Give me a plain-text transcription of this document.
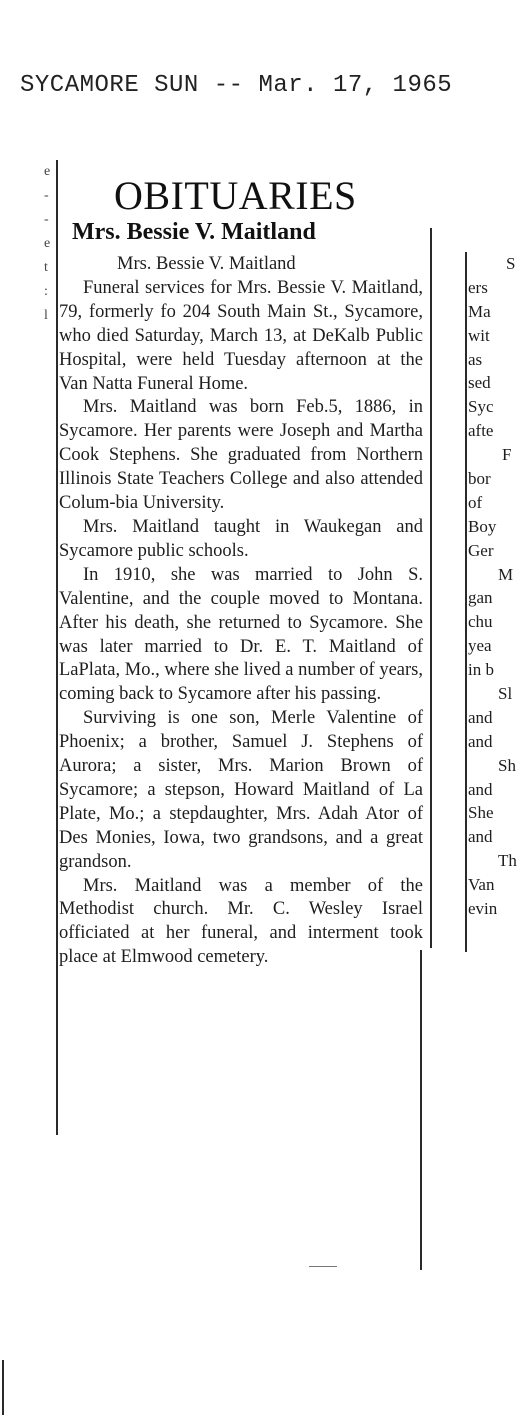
SYCAMORE SUN -- Mar. 17, 1965
e
-
-
e
t
:
l
OBITUARIES
Mrs. Bessie V. Maitland

Mrs. Bessie V. Maitland

Funeral services for Mrs. Bessie V. Maitland, 79, formerly fo 204 South Main St., Sycamore, who died Saturday, March 13, at DeKalb Public Hospital, were held Tuesday afternoon at the Van Natta Funeral Home.

Mrs. Maitland was born Feb.5, 1886, in Sycamore. Her parents were Joseph and Martha Cook Stephens. She graduated from Northern Illinois State Teachers College and also attended Colum-bia University.

Mrs. Maitland taught in Waukegan and Sycamore public schools.

In 1910, she was married to John S. Valentine, and the couple moved to Montana. After his death, she returned to Sycamore. She was later married to Dr. E. T. Maitland of LaPlata, Mo., where she lived a number of years, coming back to Sycamore after his passing.

Surviving is one son, Merle Valentine of Phoenix; a brother, Samuel J. Stephens of Aurora; a sister, Mrs. Marion Brown of Sycamore; a stepson, Howard Maitland of La Plate, Mo.; a stepdaughter, Mrs. Adah Ator of Des Monies, Iowa, two grandsons, and a great grandson.

Mrs. Maitland was a member of the Methodist church. Mr. C. Wesley Israel officiated at her funeral, and interment took place at Elmwood cemetery.

S
ers
Ma
wit
as
sed
Syc
afte
F
bor
of
Boy
Ger
M
gan
chu
yea
in b
Sl
and
and
Sh
and
She
and
Th
Van
evin
